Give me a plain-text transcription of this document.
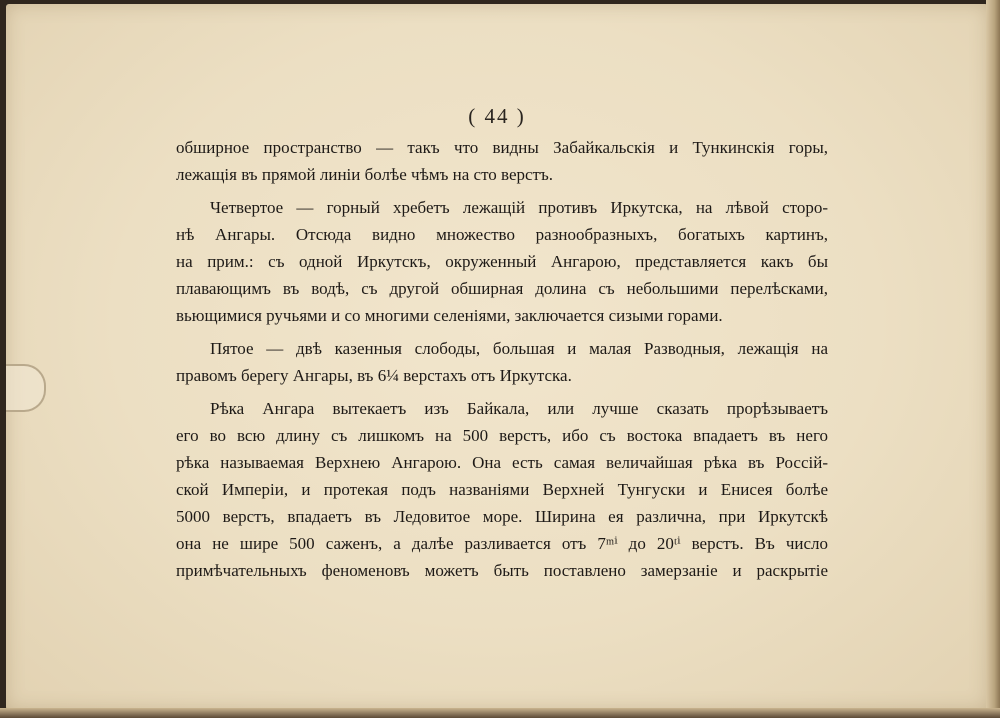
( 44 )
обширное пространство — такъ что видны Забайкальскія и Тункинскія горы,
лежащія въ прямой линіи болѣе чѣмъ на сто верстъ.
Четвертое — горный хребетъ лежащій противъ Иркутска, на лѣвой сторо-
нѣ Ангары. Отсюда видно множество разнообразныхъ, богатыхъ картинъ,
на прим.: съ одной Иркутскъ, окруженный Ангарою, представляется какъ бы
плавающимъ въ водѣ, съ другой обширная долина съ небольшими перелѣсками,
вьющимися ручьями и со многими селеніями, заключается сизыми горами.
Пятое — двѣ казенныя слободы, большая и малая Разводныя, лежащія на
правомъ берегу Ангары, въ 6¼ верстахъ отъ Иркутска.
Рѣка Ангара вытекаетъ изъ Байкала, или лучше сказать прорѣзываетъ
его во всю длину съ лишкомъ на 500 верстъ, ибо съ востока впадаетъ въ него
рѣка называемая Верхнею Ангарою. Она есть самая величайшая рѣка въ Россій-
ской Имперіи, и протекая подъ названіями Верхней Тунгуски и Енисея болѣе
5000 верстъ, впадаетъ въ Ледовитое море. Ширина ея различна, при Иркутскѣ
она не шире 500 саженъ, а далѣе разливается отъ 7ᵐⁱ до 20ᵗⁱ верстъ. Въ число
примѣчательныхъ феноменовъ можетъ быть поставлено замерзаніе и раскрытіе
